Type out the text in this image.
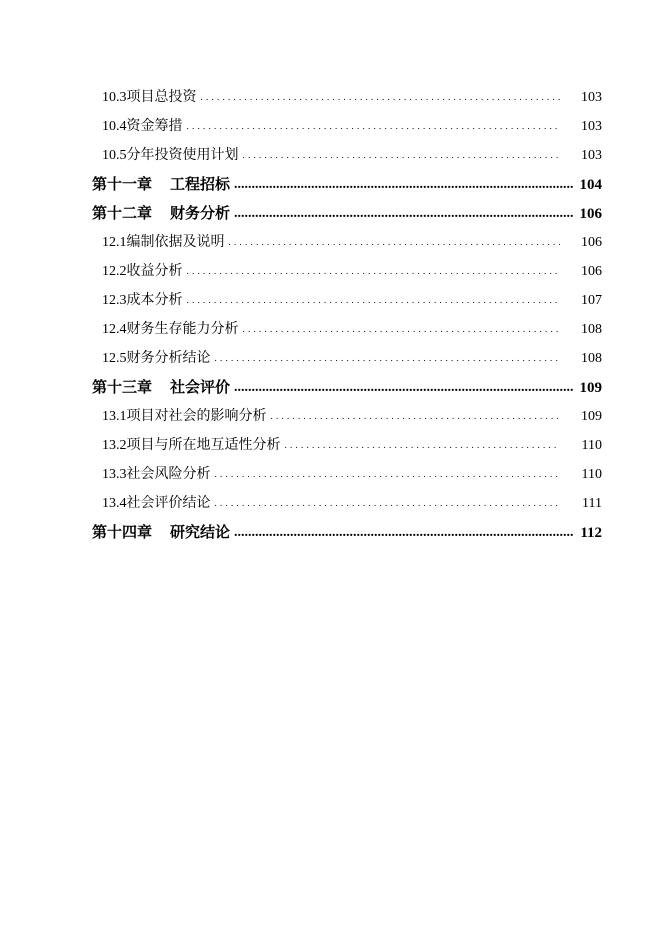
10.3 项目总投资 . . .	103
10.4 资金筹措 . . .	103
10.5 分年投资使用计划 . . .	103
第十一章 工程招标 .....	104
第十二章 财务分析 .....	106
12.1 编制依据及说明 . . .	106
12.2 收益分析 . . .	106
12.3 成本分析 . . .	107
12.4 财务生存能力分析 . . .	108
12.5 财务分析结论 . . .	108
第十三章 社会评价 .....	109
13.1 项目对社会的影响分析 . . .	109
13.2 项目与所在地互适性分析 . . .	110
13.3 社会风险分析 . . .	110
13.4 社会评价结论 . . .	111
第十四章 研究结论 .....	112
